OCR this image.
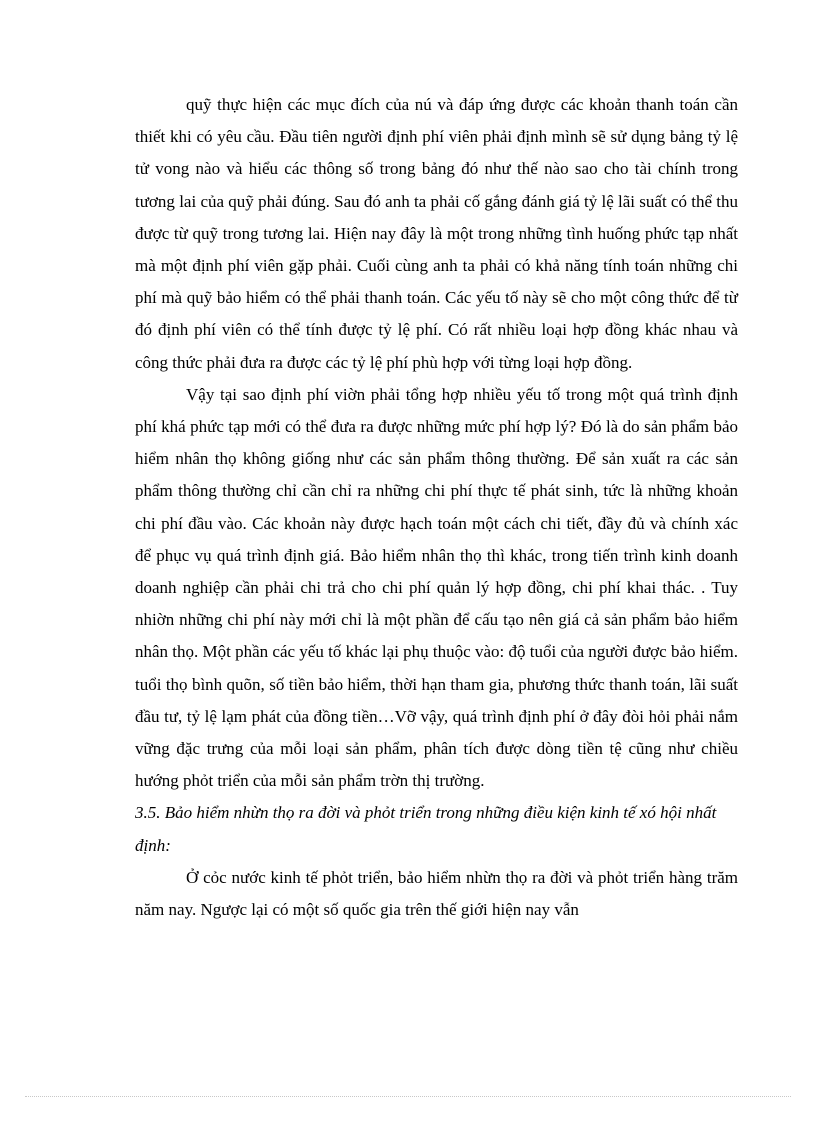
quỹ thực hiện các mục đích của nú và đáp ứng được các khoản thanh toán cần thiết khi có yêu cầu. Đầu tiên người định phí viên phải định mình sẽ sử dụng bảng tỷ lệ tử vong nào và hiểu các thông số trong bảng đó như thế nào sao cho tài chính trong tương lai của quỹ phải đúng. Sau đó anh ta phải cố gắng đánh giá tỷ lệ lãi suất có thể thu được từ quỹ trong tương lai. Hiện nay đây là một trong những tình huống phức tạp nhất mà một định phí viên gặp phải. Cuối cùng anh ta phải có khả năng tính toán những chi phí mà quỹ bảo hiểm có thể phải thanh toán. Các yếu tố này sẽ cho một công thức để từ đó định phí viên có thể tính được tỷ lệ phí. Có rất nhiều loại hợp đồng khác nhau và công thức phải đưa ra được các tỷ lệ phí phù hợp với từng loại hợp đồng.

Vậy tại sao định phí viờn phải tổng hợp nhiều yếu tố trong một quá trình định phí khá phức tạp mới có thể đưa ra được những mức phí hợp lý? Đó là do sản phẩm bảo hiểm nhân thọ không giống như các sản phẩm thông thường. Để sản xuất ra các sản phẩm thông thường chỉ cần chỉ ra những chi phí thực tế phát sinh, tức là những khoản chi phí đầu vào. Các khoản này được hạch toán một cách chi tiết, đầy đủ và chính xác để phục vụ quá trình định giá. Bảo hiểm nhân thọ thì khác, trong tiến trình kinh doanh doanh nghiệp cần phải chi trả cho chi phí quản lý hợp đồng, chi phí khai thác. . Tuy nhiờn những chi phí này mới chỉ là một phần để cấu tạo nên giá cả sản phẩm bảo hiểm nhân thọ. Một phần các yếu tố khác lại phụ thuộc vào: độ tuổi của người được bảo hiểm. tuổi thọ bình quõn, số tiền bảo hiểm, thời hạn tham gia, phương thức thanh toán, lãi suất đầu tư, tỷ lệ lạm phát của đồng tiền…Vỡ vậy, quá trình định phí ở đây đòi hỏi phải nắm vững đặc trưng của mỗi loại sản phẩm, phân tích được dòng tiền tệ cũng như chiều hướng phỏt triển của mỗi sản phẩm trờn thị trường.

3.5. Bảo hiểm nhừn thọ ra đời và phỏt triển trong những điều kiện kinh tế xó hội nhất định:

Ở cỏc nước kinh tế phỏt triển, bảo hiểm nhừn thọ ra đời và phỏt triển hàng trăm năm nay. Ngược lại có một số quốc gia trên thế giới hiện nay vẫn
